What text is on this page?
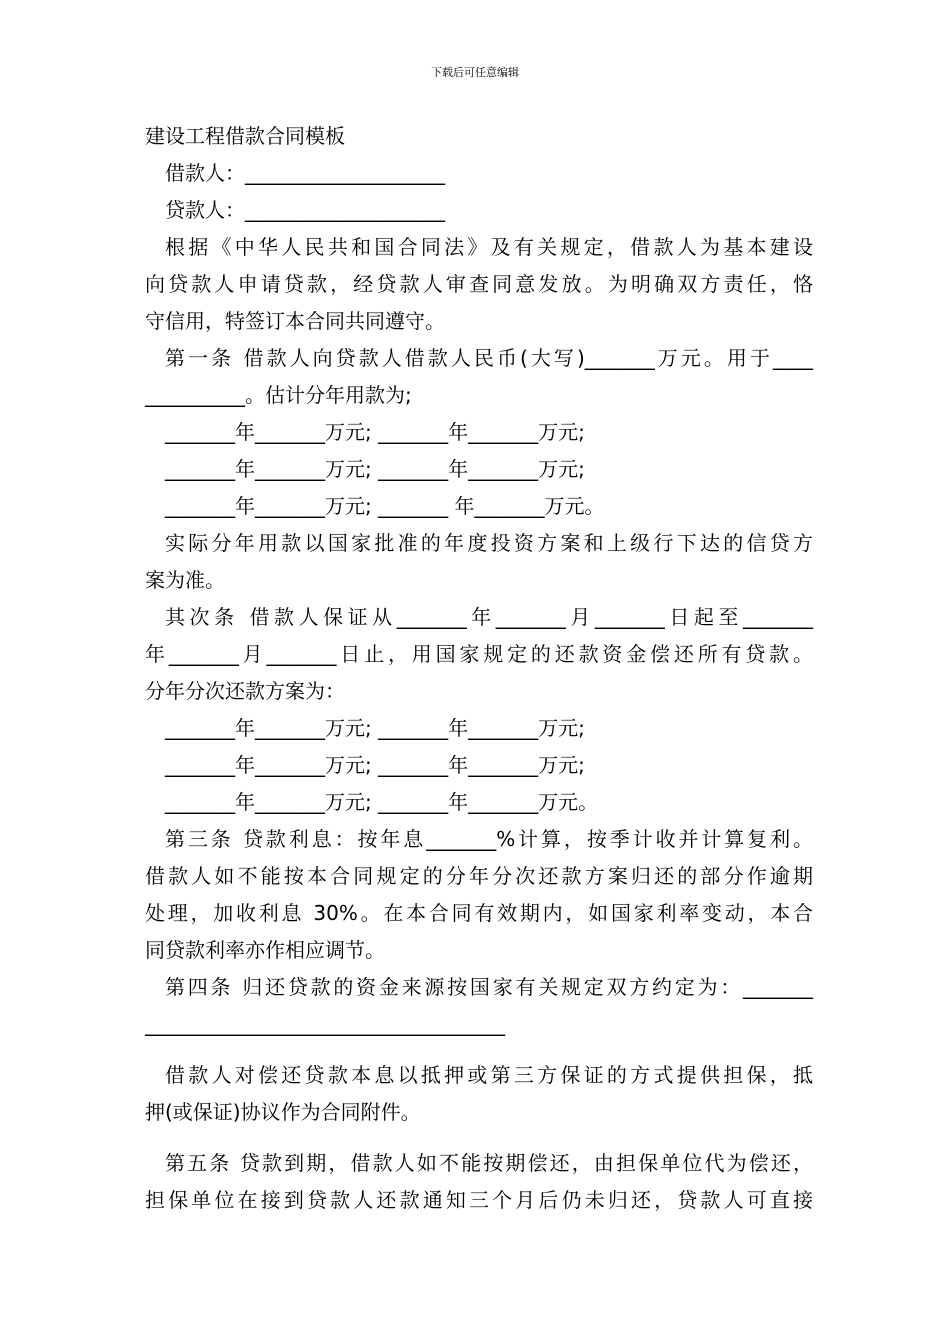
下载后可任意编辑
建设工程借款合同模板
借款人：____________________
贷款人：____________________
根据《中华人民共和国合同法》及有关规定，借款人为基本建设
向贷款人申请贷款，经贷款人审查同意发放。为明确双方责任，恪
守信用，特签订本合同共同遵守。
第一条 借款人向贷款人借款人民币(大写)_______万元。用于____
__________。估计分年用款为;
_______年_______万元; _______年_______万元;
_______年_______万元; _______年_______万元;
_______年_______万元; _______ 年_______万元。
实际分年用款以国家批准的年度投资方案和上级行下达的信贷方
案为准。
其次条 借款人保证从_______年_______月_______日起至_______
年_______月_______日止，用国家规定的还款资金偿还所有贷款。
分年分次还款方案为：
_______年_______万元; _______年_______万元;
_______年_______万元; _______年_______万元;
_______年_______万元; _______年_______万元。
第三条 贷款利息：按年息_______%计算，按季计收并计算复利。
借款人如不能按本合同规定的分年分次还款方案归还的部分作逾期
处理，加收利息 30%。在本合同有效期内，如国家利率变动，本合
同贷款利率亦作相应调节。
第四条 归还贷款的资金来源按国家有关规定双方约定为：_______
____________________________________
借款人对偿还贷款本息以抵押或第三方保证的方式提供担保，抵
押(或保证)协议作为合同附件。
第五条 贷款到期，借款人如不能按期偿还，由担保单位代为偿还，
担保单位在接到贷款人还款通知三个月后仍未归还，贷款人可直接
